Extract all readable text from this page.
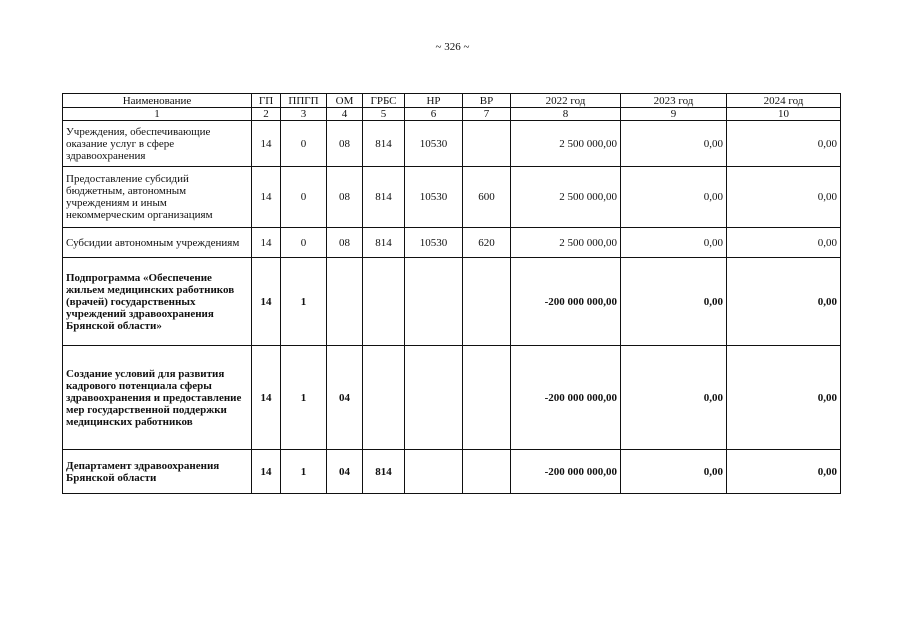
~ 326 ~
Наименование	ГП	ППГП	ОМ	ГРБС	НР	ВР	2022 год	2023 год	2024 год
1	2	3	4	5	6	7	8	9	10
Учреждения, обеспечивающие оказание услуг в сфере здравоохранения	14	0	08	814	10530		2 500 000,00	0,00	0,00
Предоставление субсидий бюджетным, автономным учреждениям и иным некоммерческим организациям	14	0	08	814	10530	600	2 500 000,00	0,00	0,00
Субсидии автономным учреждениям	14	0	08	814	10530	620	2 500 000,00	0,00	0,00
Подпрограмма «Обеспечение жильем медицинских работников (врачей) государственных учреждений здравоохранения Брянской области»	14	1					-200 000 000,00	0,00	0,00
Создание условий для развития кадрового потенциала сферы здравоохранения и предоставление мер государственной поддержки медицинских работников	14	1	04				-200 000 000,00	0,00	0,00
Департамент здравоохранения Брянской области	14	1	04	814			-200 000 000,00	0,00	0,00
